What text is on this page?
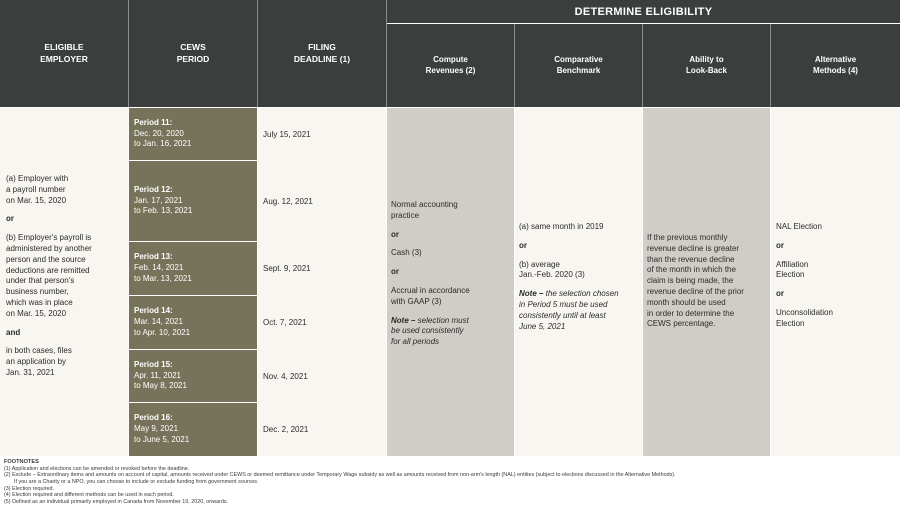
ELIGIBLE
EMPLOYER
CEWS
PERIOD
FILING
DEADLINE (1)
DETERMINE ELIGIBILITY
Compute
Revenues (2)
Comparative
Benchmark
Ability to
Look-Back
Alternative
Methods (4)
(a) Employer with
a payroll number
on Mar. 15, 2020
or
(b) Employer's payroll is
administered by another
person and the source
deductions are remitted
under that person's
business number,
which was in place
on Mar. 15, 2020
and
in both cases, files
an application by
Jan. 31, 2021
Period 11:
Dec. 20, 2020
to Jan. 16, 2021
Period 12:
Jan. 17, 2021
to Feb. 13, 2021
Period 13:
Feb. 14, 2021
to Mar. 13, 2021
Period 14:
Mar. 14, 2021
to Apr. 10, 2021
Period 15:
Apr. 11, 2021
to May 8, 2021
Period 16:
May 9, 2021
to June 5, 2021
July 15, 2021
Aug. 12, 2021
Sept. 9, 2021
Oct. 7, 2021
Nov. 4, 2021
Dec. 2, 2021
Normal accounting
practice
or
Cash (3)
or
Accrual in accordance
with GAAP (3)
Note – selection must
be used consistently
for all periods
(a) same month in 2019
or
(b) average
Jan.-Feb. 2020 (3)
Note – the selection chosen
in Period 5 must be used
consistently until at least
June 5, 2021
If the previous monthly
revenue decline is greater
than the revenue decline
of the month in which the
claim is being made, the
revenue decline of the prior
month should be used
in order to determine the
CEWS percentage.
NAL Election
or
Affiliation
Election
or
Unconsolidation
Election
FOOTNOTES
(1) Application and elections can be amended or revoked before the deadline.
(2) Exclude – Extraordinary items and amounts on account of capital, amounts received under CEWS or deemed remittance under Temporary Wage subsidy as well as amounts received from non-arm's length (NAL) entities (subject to elections discussed in the Alternative Methods).
If you are a Charity or a NPO, you can choose to include or exclude funding from government sources.
(3) Election required.
(4) Election required and different methods can be used in each period.
(5) Defined as an individual primarily employed in Canada from November 19, 2020, onwards.
